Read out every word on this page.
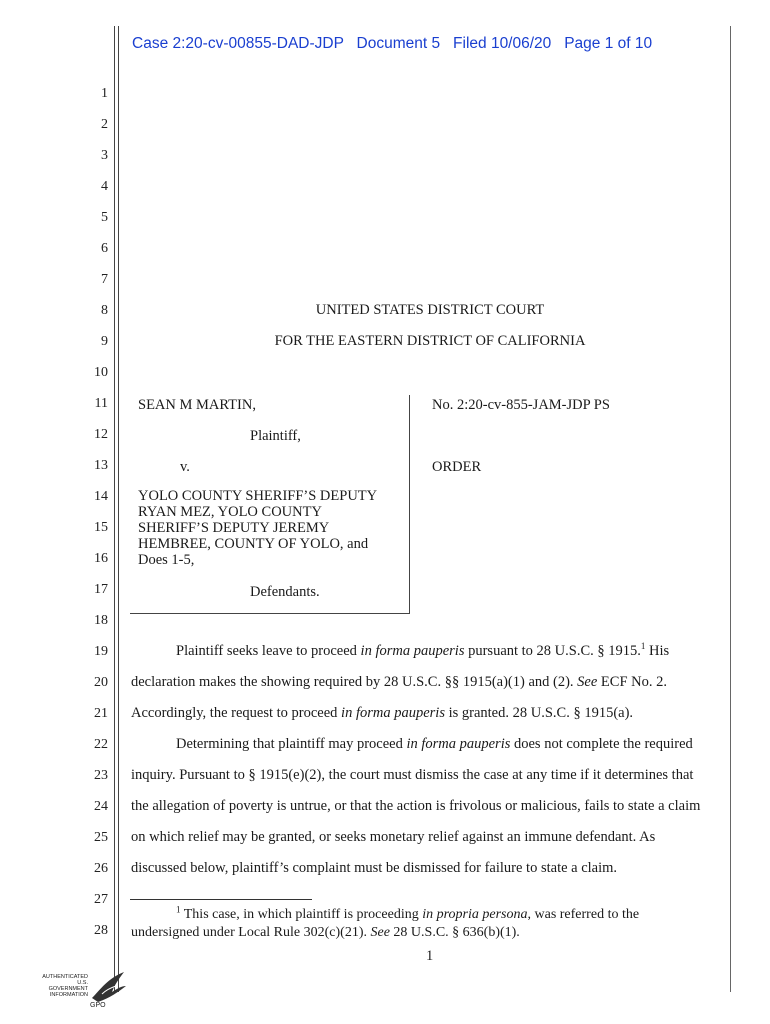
Case 2:20-cv-00855-DAD-JDP   Document 5   Filed 10/06/20   Page 1 of 10
1
2
3
4
5
6
7
8
9
10
11
12
13
14
15
16
17
18
19
20
21
22
23
24
25
26
27
28
UNITED STATES DISTRICT COURT
FOR THE EASTERN DISTRICT OF CALIFORNIA
SEAN M MARTIN,
Plaintiff,
v.
YOLO COUNTY SHERIFF’S DEPUTY
RYAN MEZ, YOLO COUNTY
SHERIFF’S DEPUTY JEREMY
HEMBREE, COUNTY OF YOLO, and
Does 1-5,
Defendants.
No. 2:20-cv-855-JAM-JDP PS
ORDER
Plaintiff seeks leave to proceed in forma pauperis pursuant to 28 U.S.C. § 1915.$^1$ His
declaration makes the showing required by 28 U.S.C. §§ 1915(a)(1) and (2). See ECF No. 2.
Accordingly, the request to proceed in forma pauperis is granted. 28 U.S.C. § 1915(a).
Determining that plaintiff may proceed in forma pauperis does not complete the required
inquiry. Pursuant to § 1915(e)(2), the court must dismiss the case at any time if it determines that
the allegation of poverty is untrue, or that the action is frivolous or malicious, fails to state a claim
on which relief may be granted, or seeks monetary relief against an immune defendant. As
discussed below, plaintiff’s complaint must be dismissed for failure to state a claim.
$^1$ This case, in which plaintiff is proceeding in propria persona, was referred to the
undersigned under Local Rule 302(c)(21). See 28 U.S.C. § 636(b)(1).
1
AUTHENTICATED
U.S. GOVERNMENT
INFORMATION
GPO
